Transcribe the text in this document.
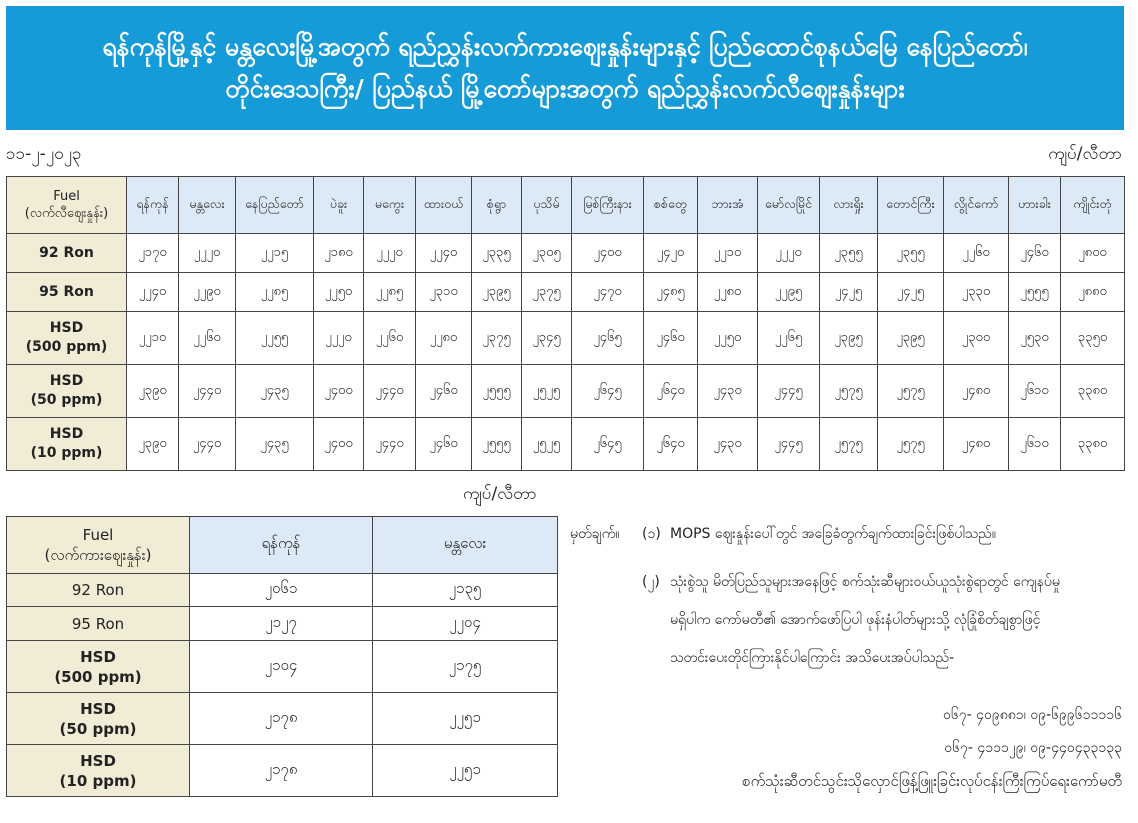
ရန်ကုန်မြို့နှင့် မန္တလေးမြို့အတွက် ရည်ညွှန်းလက်ကားဈေးနှုန်းများနှင့် ပြည်ထောင်စုနယ်မြေ နေပြည်တော်၊
တိုင်းဒေသကြီး/ ပြည်နယ် မြို့တော်များအတွက် ရည်ညွှန်းလက်လီဈေးနှုန်းများ
၁၁-၂-၂၀၂၃	ကျပ်/လီတာ
Fuel
(လက်လီဈေးနှုန်း)	ရန်ကုန်	မန္တလေး	နေပြည်တော်	ပဲခူး	မကွေး	ထားဝယ်	စုံရွာ	ပုသိမ်	မြစ်ကြီးနား	စစ်တွေ	ဘားအံ	မော်လမြိုင်	လားရှိုး	တောင်ကြီး	လွိုင်ကော်	ဟားခါး	ကျိုင်းတုံ

92 Ron	၂၁၇၀	၂၂၂၀	၂၂၁၅	၂၁၈၀	၂၂၂၀	၂၂၄၀	၂၃၃၅	၂၃၀၅	၂၄၀၀	၂၄၂၀	၂၂၁၀	၂၂၂၀	၂၃၅၅	၂၃၅၅	၂၂၆၀	၂၄၆၀	၂၈၀၀

95 Ron	၂၂၄၀	၂၂၉၀	၂၂၈၅	၂၂၅၀	၂၂၈၅	၂၃၁၀	၂၃၉၅	၂၃၇၅	၂၄၇၀	၂၄၈၅	၂၂၈၀	၂၂၉၅	၂၄၂၅	၂၄၂၅	၂၃၃၀	၂၅၅၅	၂၈၈၀

HSD
(500 ppm)	၂၂၁၀	၂၂၆၀	၂၂၅၅	၂၂၂၀	၂၂၆၀	၂၂၈၀	၂၃၇၅	၂၃၄၅	၂၄၆၅	၂၄၆၀	၂၂၅၀	၂၂၆၅	၂၃၉၅	၂၃၉၅	၂၃၀၀	၂၅၃၀	၃၃၅၀

HSD
(50 ppm)	၂၃၉၀	၂၄၄၀	၂၄၃၅	၂၄၀၀	၂၄၄၀	၂၄၆၀	၂၅၅၅	၂၅၂၅	၂၆၄၅	၂၆၄၀	၂၄၃၀	၂၄၄၅	၂၅၇၅	၂၅၇၅	၂၄၈၀	၂၆၁၀	၃၃၈၀

HSD
(10 ppm)	၂၃၉၀	၂၄၄၀	၂၄၃၅	၂၄၀၀	၂၄၄၀	၂၄၆၀	၂၅၅၅	၂၅၂၅	၂၆၄၅	၂၆၄၀	၂၄၃၀	၂၄၄၅	၂၅၇၅	၂၅၇၅	၂၄၈၀	၂၆၁၀	၃၃၈၀
ကျပ်/လီတာ
Fuel
(လက်ကားဈေးနှုန်း)	ရန်ကုန်	မန္တလေး

92 Ron	၂၀၆၁	၂၁၃၅

95 Ron	၂၁၂၇	၂၂၀၄

HSD
(500 ppm)	၂၁၀၄	၂၁၇၅

HSD
(50 ppm)	၂၁၇၈	၂၂၅၁

HSD
(10 ppm)	၂၁၇၈	၂၂၅၁
မှတ်ချက်။ (၁) MOPS ဈေးနှုန်းပေါ်တွင် အခြေခံတွက်ချက်ထားခြင်းဖြစ်ပါသည်။
(၂) သုံးစွဲသူ မိတ်ပြည်သူများအနေဖြင့် စက်သုံးဆီများဝယ်ယူသုံးစွဲရာတွင် ကျေနပ်မှု
မရှိပါက ကော်မတီ၏ အောက်ဖော်ပြပါ ဖုန်းနံပါတ်များသို့ လုံခြုံစိတ်ချစွာဖြင့်
သတင်းပေးတိုင်ကြားနိုင်ပါကြောင်း အသိပေးအပ်ပါသည်-
၀၆၇- ၄၀၉၈၈၁၊ ၀၉-၆၉၉၆၁၁၁၁၆
၀၆၇- ၄၁၁၁၂၉၊ ၀၉-၄၄၀၄၃၃၁၃၃
စက်သုံးဆီတင်သွင်းသိုလှောင်ဖြန့်ဖြူးခြင်းလုပ်ငန်းကြီးကြပ်ရေးကော်မတီ
